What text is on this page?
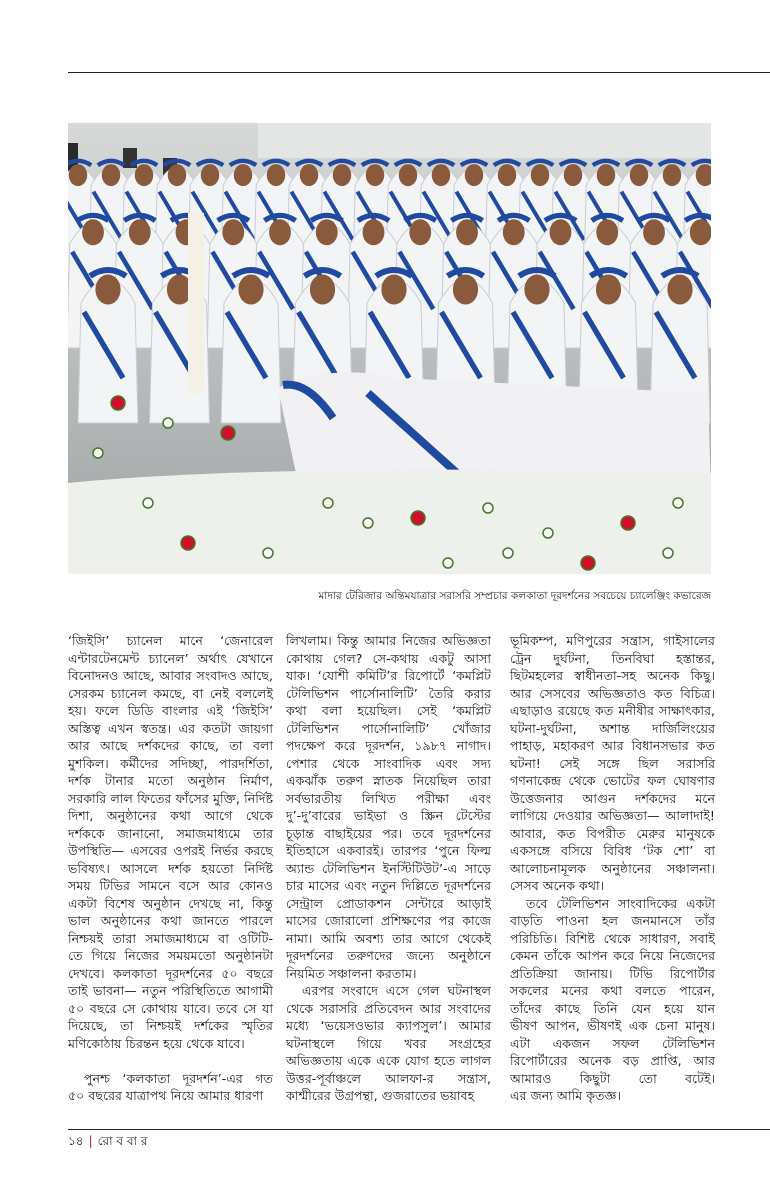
মাদার টেরিজার অন্তিমযাত্রার সরাসরি সম্প্রচার কলকাতা দূরদর্শনের সবচেয়ে চ্যালেঞ্জিং কভারেজ
‘জিইসি’ চ্যানেল মানে ‘জেনারেল
এন্টারটেনমেন্ট চ্যানেল’ অর্থাৎ যেখানে
বিনোদনও আছে, আবার সংবাদও আছে,
সেরকম চ্যানেল কমছে, বা নেই বললেই
হয়। ফলে ডিডি বাংলার এই ‘জিইসি’
অস্তিত্ব এখন স্বতন্ত্র। এর কতটা জায়গা
আর আছে দর্শকদের কাছে, তা বলা
মুশকিল। কর্মীদের সদিচ্ছা, পারদর্শিতা,
দর্শক টানার মতো অনুষ্ঠান নির্মাণ,
সরকারি লাল ফিতের ফাঁসের মুক্তি, নির্দিষ্ট
দিশা, অনুষ্ঠানের কথা আগে থেকে
দর্শককে জানানো, সমাজমাধ্যমে তার
উপস্থিতি— এসবের ওপরই নির্ভর করছে
ভবিষ্যৎ। আসলে দর্শক হয়তো নির্দিষ্ট
সময় টিভির সামনে বসে আর কোনও
একটা বিশেষ অনুষ্ঠান দেখছে না, কিন্তু
ভাল অনুষ্ঠানের কথা জানতে পারলে
নিশ্চয়ই তারা সমাজমাধ্যমে বা ওটিটি-
তে গিয়ে নিজের সময়মতো অনুষ্ঠানটা
দেখবে। কলকাতা দূরদর্শনের ৫০ বছরে
তাই ভাবনা— নতুন পরিস্থিতিতে আগামী
৫০ বছরে সে কোথায় যাবে। তবে সে যা
দিয়েছে, তা নিশ্চয়ই দর্শকের স্মৃতির
মণিকোঠায় চিরন্তন হয়ে থেকে যাবে।
পুনশ্চ ‘কলকাতা দূরদর্শন’-এর গত
৫০ বছরের যাত্রাপথ নিয়ে আমার ধারণা
লিখলাম। কিন্তু আমার নিজের অভিজ্ঞতা
কোথায় গেল? সে-কথায় একটু আসা
যাক। ‘যোশী কমিটি’র রিপোর্টে ‘কমপ্লিট
টেলিভিশন পার্সোনালিটি’ তৈরি করার
কথা বলা হয়েছিল। সেই ‘কমপ্লিট
টেলিভিশন পার্সোনালিটি’ খোঁজার
পদক্ষেপ করে দূরদর্শন, ১৯৮৭ নাগাদ।
পেশার থেকে সাংবাদিক এবং সদ্য
একঝাঁক তরুণ স্নাতক নিয়েছিল তারা
সর্বভারতীয় লিখিত পরীক্ষা এবং
দু’-দু’বারের ভাইভা ও স্ক্রিন টেস্টের
চূড়ান্ত বাছাইয়ের পর। তবে দূরদর্শনের
ইতিহাসে একবারই। তারপর ‘পুনে ফিল্ম
অ্যান্ড টেলিভিশন ইনস্টিটিউট’-এ সাড়ে
চার মাসের এবং নতুন দিল্লিতে দূরদর্শনের
সেন্ট্রাল প্রোডাকশন সেন্টারে আড়াই
মাসের জোরালো প্রশিক্ষণের পর কাজে
নামা। আমি অবশ্য তার আগে থেকেই
দূরদর্শনের তরুণদের জন্যে অনুষ্ঠানে
নিয়মিত সঞ্চালনা করতাম।
এরপর সংবাদে এসে গেল ঘটনাস্থল
থেকে সরাসরি প্রতিবেদন আর সংবাদের
মধ্যে ‘ভয়েসওভার ক্যাপসুল’। আমার
ঘটনাস্থলে গিয়ে খবর সংগ্রহের
অভিজ্ঞতায় একে একে যোগ হতে লাগল
উত্তর-পূর্বাঞ্চলে আলফা-র সন্ত্রাস,
কাশ্মীরের উগ্রপন্থা, গুজরাতের ভয়াবহ
ভূমিকম্প, মণিপুরের সন্ত্রাস, গাইসালের
ট্রেন দুর্ঘটনা, তিনবিঘা হস্তান্তর,
ছিটমহলের স্বাধীনতা-সহ অনেক কিছু।
আর সেসবের অভিজ্ঞতাও কত বিচিত্র।
এছাড়াও রয়েছে কত মনীষীর সাক্ষাৎকার,
ঘটনা-দুর্ঘটনা, অশান্ত দার্জিলিংয়ের
পাহাড়, মহাকরণ আর বিধানসভার কত
ঘটনা! সেই সঙ্গে ছিল সরাসরি
গণনাকেন্দ্র থেকে ভোটের ফল ঘোষণার
উত্তেজনার আগুন দর্শকদের মনে
লাগিয়ে দেওয়ার অভিজ্ঞতা— আলাদাই!
আবার, কত বিপরীত মেরুর মানুষকে
একসঙ্গে বসিয়ে বিবিধ ‘টক শো’ বা
আলোচনামূলক অনুষ্ঠানের সঞ্চালনা।
সেসব অনেক কথা।
তবে টেলিভিশন সাংবাদিকের একটা
বাড়তি পাওনা হল জনমানসে তাঁর
পরিচিতি। বিশিষ্ট থেকে সাধারণ, সবাই
কেমন তাঁকে আপন করে নিয়ে নিজেদের
প্রতিক্রিয়া জানায়। টিভি রিপোর্টার
সকলের মনের কথা বলতে পারেন,
তাঁদের কাছে তিনি যেন হয়ে যান
ভীষণ আপন, ভীষণই এক চেনা মানুষ।
এটা একজন সফল টেলিভিশন
রিপোর্টারের অনেক বড় প্রাপ্তি, আর
আমারও কিছুটা তো বটেই।
এর জন্য আমি কৃতজ্ঞ।
১৪ | রো ব বা র
